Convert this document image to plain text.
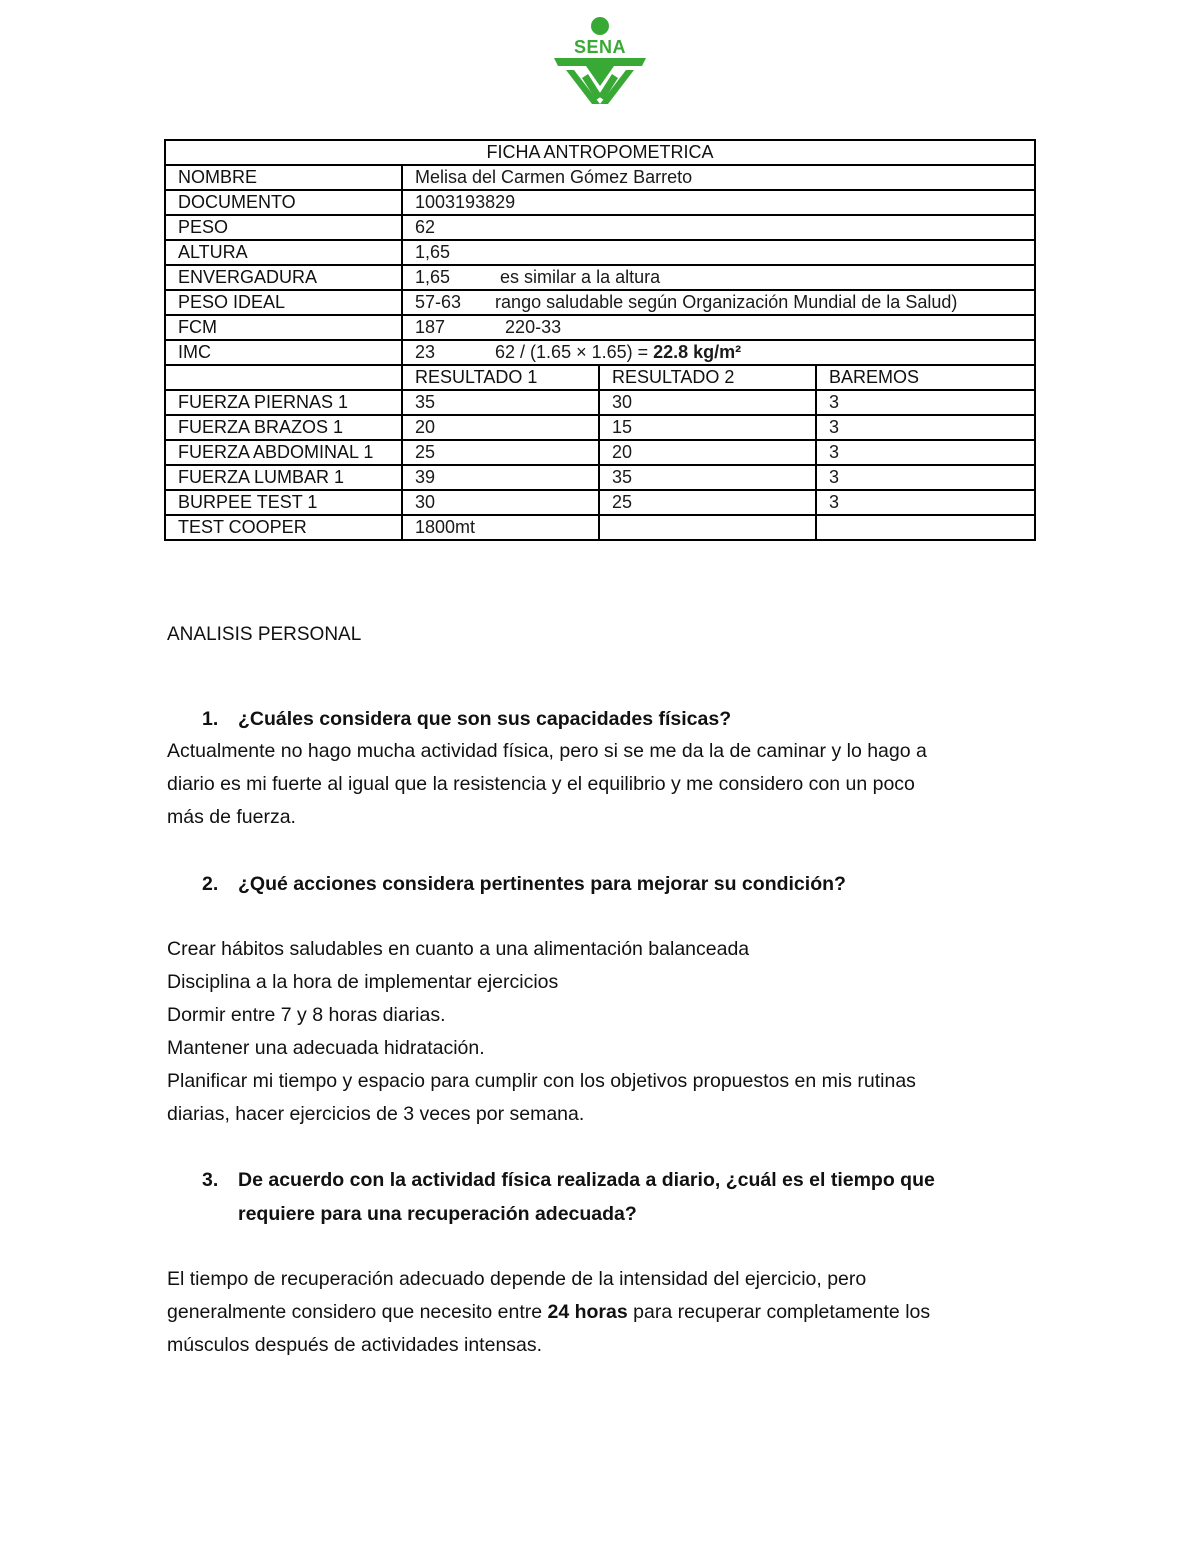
SENA
FICHA ANTROPOMETRICA			
NOMBRE	Melisa del Carmen Gómez Barreto		
DOCUMENTO	1003193829		
PESO	62		
ALTURA	1,65		
ENVERGADURA	1,65 es similar a la altura		
PESO IDEAL	57-63 rango saludable según Organización Mundial de la Salud)		
FCM	187 220-33		
IMC	23 62 / (1.65 × 1.65) = 22.8 kg/m²		
	RESULTADO 1	RESULTADO 2	BAREMOS
FUERZA PIERNAS 1	35	30	3
FUERZA BRAZOS 1	20	15	3
FUERZA ABDOMINAL 1	25	20	3
FUERZA LUMBAR 1	39	35	3
BURPEE TEST 1	30	25	3
TEST COOPER	1800mt		
ANALISIS PERSONAL
1. ¿Cuáles considera que son sus capacidades físicas?
Actualmente no hago mucha actividad física, pero si se me da la de caminar y lo hago a
diario es mi fuerte al igual que la resistencia y el equilibrio y me considero con un poco
más de fuerza.
2. ¿Qué acciones considera pertinentes para mejorar su condición?
Crear hábitos saludables en cuanto a una alimentación balanceada
Disciplina a la hora de implementar ejercicios
Dormir entre 7 y 8 horas diarias.
Mantener una adecuada hidratación.
Planificar mi tiempo y espacio para cumplir con los objetivos propuestos en mis rutinas
diarias, hacer ejercicios de 3 veces por semana.
3. De acuerdo con la actividad física realizada a diario, ¿cuál es el tiempo que
requiere para una recuperación adecuada?
El tiempo de recuperación adecuado depende de la intensidad del ejercicio, pero
generalmente considero que necesito entre 24 horas para recuperar completamente los
músculos después de actividades intensas.
